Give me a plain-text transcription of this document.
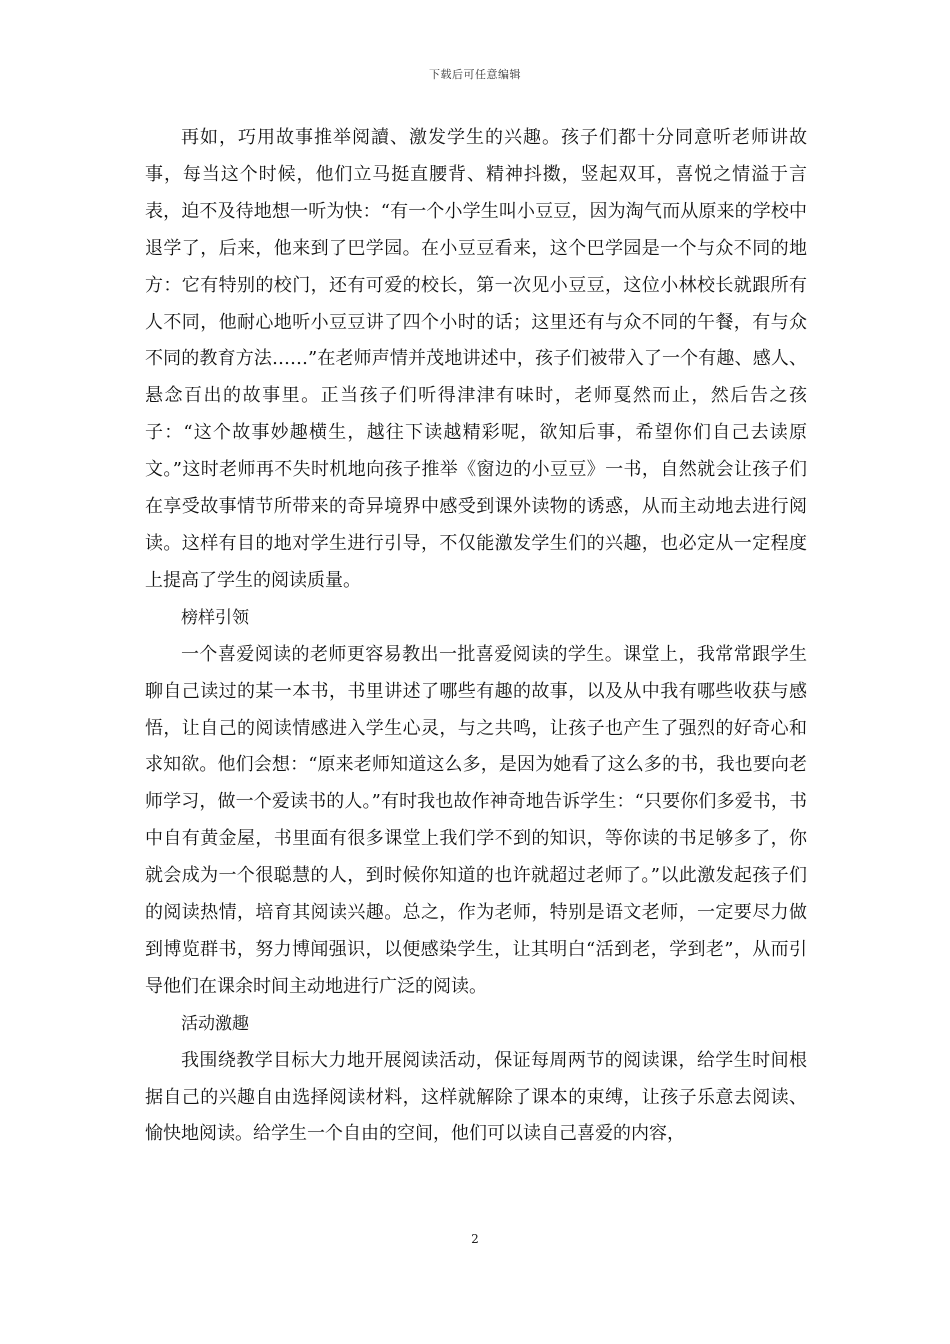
下载后可任意编辑

再如，巧用故事推举阅讀、激发学生的兴趣。孩子们都十分同意听老师讲故事，每当这个时候，他们立马挺直腰背、精神抖擞，竖起双耳，喜悦之情溢于言表，迫不及待地想一听为快：“有一个小学生叫小豆豆，因为淘气而从原来的学校中退学了，后来，他来到了巴学园。在小豆豆看来，这个巴学园是一个与众不同的地方：它有特别的校门，还有可爱的校长，第一次见小豆豆，这位小林校长就跟所有人不同，他耐心地听小豆豆讲了四个小时的话；这里还有与众不同的午餐，有与众不同的教育方法……”在老师声情并茂地讲述中，孩子们被带入了一个有趣、感人、悬念百出的故事里。正当孩子们听得津津有味时，老师戛然而止，然后告之孩子：“这个故事妙趣横生，越往下读越精彩呢，欲知后事，希望你们自己去读原文。”这时老师再不失时机地向孩子推举《窗边的小豆豆》一书，自然就会让孩子们在享受故事情节所带来的奇异境界中感受到课外读物的诱惑，从而主动地去进行阅读。这样有目的地对学生进行引导，不仅能激发学生们的兴趣，也必定从一定程度上提高了学生的阅读质量。

榜样引领

一个喜爱阅读的老师更容易教出一批喜爱阅读的学生。课堂上，我常常跟学生聊自己读过的某一本书，书里讲述了哪些有趣的故事，以及从中我有哪些收获与感悟，让自己的阅读情感进入学生心灵，与之共鸣，让孩子也产生了强烈的好奇心和求知欲。他们会想：“原来老师知道这么多，是因为她看了这么多的书，我也要向老师学习，做一个爱读书的人。”有时我也故作神奇地告诉学生：“只要你们多爱书，书中自有黄金屋，书里面有很多课堂上我们学不到的知识，等你读的书足够多了，你就会成为一个很聪慧的人，到时候你知道的也许就超过老师了。”以此激发起孩子们的阅读热情，培育其阅读兴趣。总之，作为老师，特别是语文老师，一定要尽力做到博览群书，努力博闻强识，以便感染学生，让其明白“活到老，学到老”，从而引导他们在课余时间主动地进行广泛的阅读。

活动激趣

我围绕教学目标大力地开展阅读活动，保证每周两节的阅读课，给学生时间根据自己的兴趣自由选择阅读材料，这样就解除了课本的束缚，让孩子乐意去阅读、愉快地阅读。给学生一个自由的空间，他们可以读自己喜爱的内容，

2
